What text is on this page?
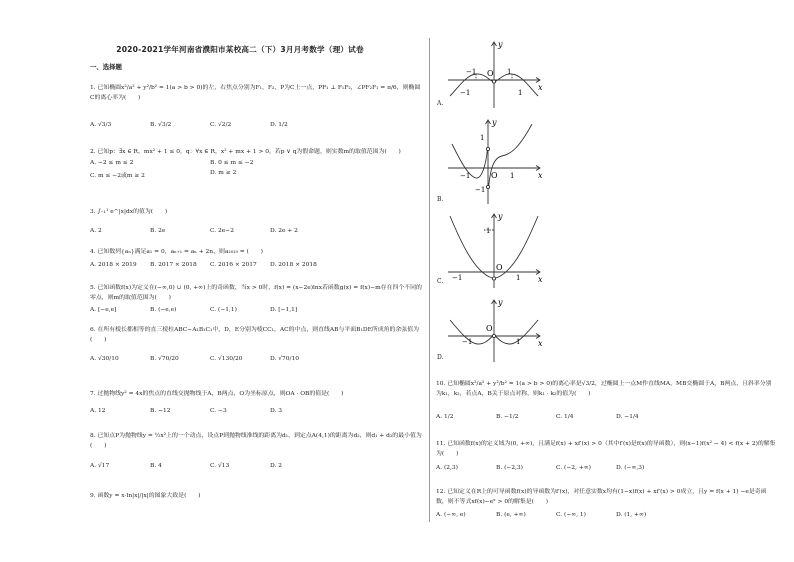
2020-2021学年河南省濮阳市某校高二（下）3月月考数学（理）试卷
一、选择题
1. 已知椭圆x²/a² + y²/b² = 1(a > b > 0)的左，右焦点分别为F₁，F₂，P为C上一点，PF₁ ⊥ F₁F₂，∠PF₂F₁ = π/6，则椭圆C的离心率为(　　)
A. √3/3	B. √3/2	C. √2/2	D. 1/2
2. 已知p：∃x ∈ R，mx² + 1 ≤ 0，q：∀x ∈ R，x² + mx + 1 > 0，若p ∨ q为假命题，则实数m的取值范围为(　　)
A. −2 ≤ m ≤ 2	B. 0 ≤ m ≤ −2
C. m ≤ −2或m ≥ 2	D. m ≥ 2
3. ∫₋₁¹ e^|x|dx的值为(　　)
A. 2	B. 2e	C. 2e−2	D. 2e + 2
4. 已知数列{aₙ}满足a₁ = 0，aₙ₊₁ = aₙ + 2n，则a₂₀₁₉ = (　　)
A. 2018 × 2019 B. 2017 × 2018 C. 2016 × 2017 D. 2018 × 2018
5. 已知函数f(x)为定义在(−∞,0) ∪ (0, +∞)上的奇函数，当x > 0时，f(x) = (x−2e)lnx若函数g(x) = f(x)−m存在四个不同的零点，则m的取值范围为(　　)
A. [−e,e]	B. (−e,e)	C. (−1,1)	D. [−1,1]
6. 在所有棱长都相等的直三棱柱ABC−A₁B₁C₁中，D，E分别为棱CC₁，AC的中点，则直线AB与平面B₁DE所成角的余弦值为(　　)
A. √30/10	B. √70/20	C. √130/20	D. √70/10
7. 过抛物线y² = 4x的焦点的直线交抛物线于A，B两点，O为坐标原点，则OA · OB的值是(　　)
A. 12	B. −12	C. −3	D. 3
8. 已知点P为抛物线y = ½x²上的一个动点，设点P到抛物线准线的距离为d₁，到定点A(4,1)的距离为d₂，则d₁ + d₂的最小值为(　　)
A. √17	B. 4	C. √13	D. 2
9. 函数y = x·ln|x|/|x|的图象大致是(　　)
A.
y
x
O
−1	1
−1	1
B.
y
x
O
−1	1
1
−1
C.
y
x
O
1
−1	1
D.
y
x
O
−1	1
10. 已知椭圆x²/a² + y²/b² = 1(a > b > 0)的离心率是√3/2，过椭圆上一点M作直线MA，MB交椭圆于A，B两点，且斜率分别为k₁，k₂，若点A，B关于原点对称，则k₁ · k₂的值为(　　)
A. 1/2	B. −1/2	C. 1/4	D. −1/4
11. 已知函数f(x)的定义域为(0, +∞)，且满足f(x) + xf′(x) > 0（其中f′(x)是f(x)的导函数），则(x−1)f(x² − 4) < f(x + 2)的解集为(　　)
A. (2,3)	B. (−2,3)	C. (−2, +∞)	D. (−∞,3)
12. 已知定义在R上的可导函数f(x)的导函数为f′(x)，对任意实数x均有(1−x)f(x) + xf′(x) > 0成立，且y = f(x + 1) −e是奇函数，则不等式xf(x)−eˣ > 0的解集是(　　)
A. (−∞, e)	B. (e, +∞)	C. (−∞, 1)	D. (1, +∞)
